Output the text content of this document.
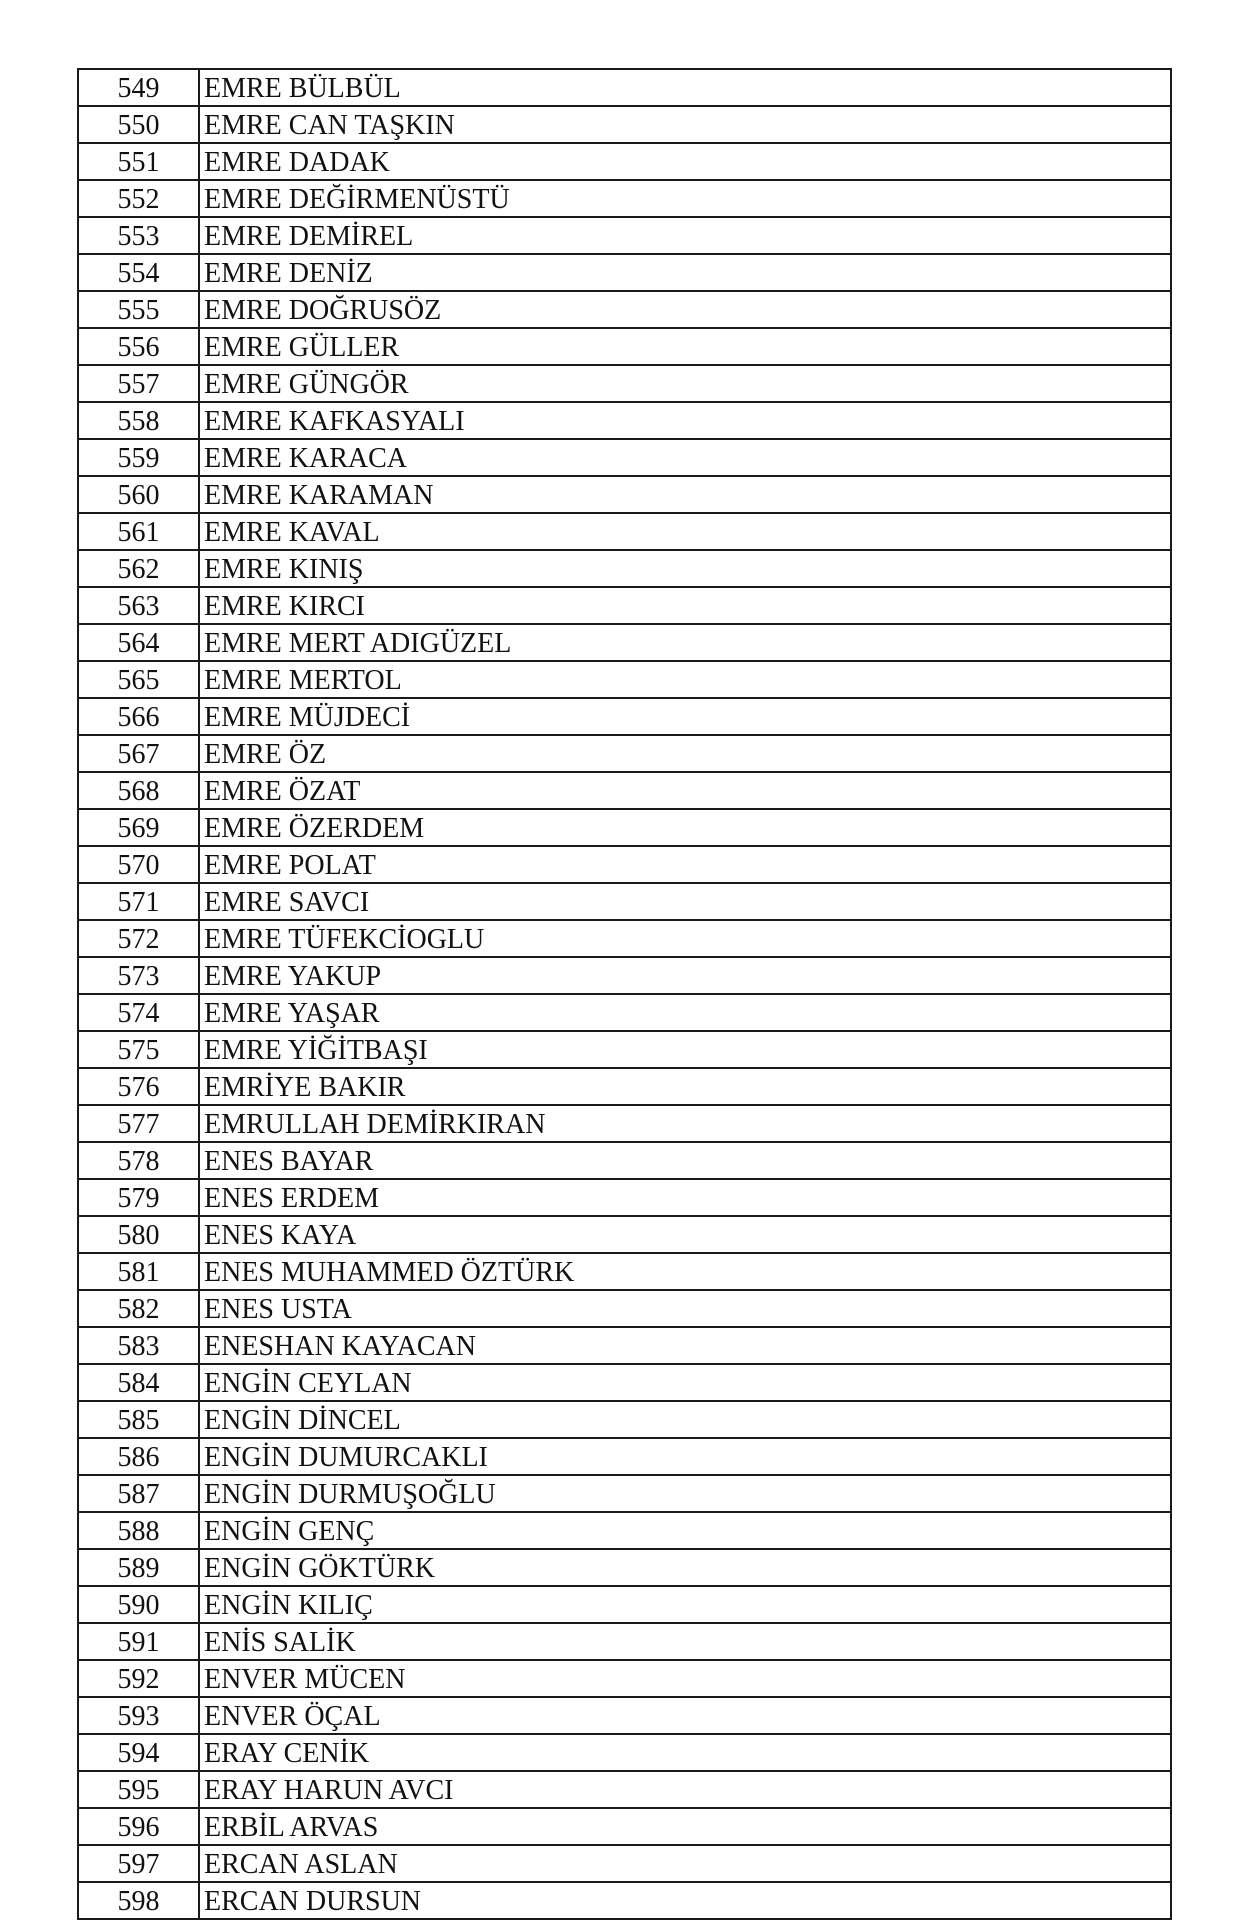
549	EMRE BÜLBÜL
550	EMRE CAN TAŞKIN
551	EMRE DADAK
552	EMRE DEĞİRMENÜSTÜ
553	EMRE DEMİREL
554	EMRE DENİZ
555	EMRE DOĞRUSÖZ
556	EMRE GÜLLER
557	EMRE GÜNGÖR
558	EMRE KAFKASYALI
559	EMRE KARACA
560	EMRE KARAMAN
561	EMRE KAVAL
562	EMRE KINIŞ
563	EMRE KIRCI
564	EMRE MERT ADIGÜZEL
565	EMRE MERTOL
566	EMRE MÜJDECİ
567	EMRE ÖZ
568	EMRE ÖZAT
569	EMRE ÖZERDEM
570	EMRE POLAT
571	EMRE SAVCI
572	EMRE TÜFEKCİOGLU
573	EMRE YAKUP
574	EMRE YAŞAR
575	EMRE YİĞİTBAŞI
576	EMRİYE BAKIR
577	EMRULLAH DEMİRKIRAN
578	ENES BAYAR
579	ENES ERDEM
580	ENES KAYA
581	ENES MUHAMMED ÖZTÜRK
582	ENES USTA
583	ENESHAN KAYACAN
584	ENGİN CEYLAN
585	ENGİN DİNCEL
586	ENGİN DUMURCAKLI
587	ENGİN DURMUŞOĞLU
588	ENGİN GENÇ
589	ENGİN GÖKTÜRK
590	ENGİN KILIÇ
591	ENİS SALİK
592	ENVER MÜCEN
593	ENVER ÖÇAL
594	ERAY CENİK
595	ERAY HARUN AVCI
596	ERBİL ARVAS
597	ERCAN ASLAN
598	ERCAN DURSUN
